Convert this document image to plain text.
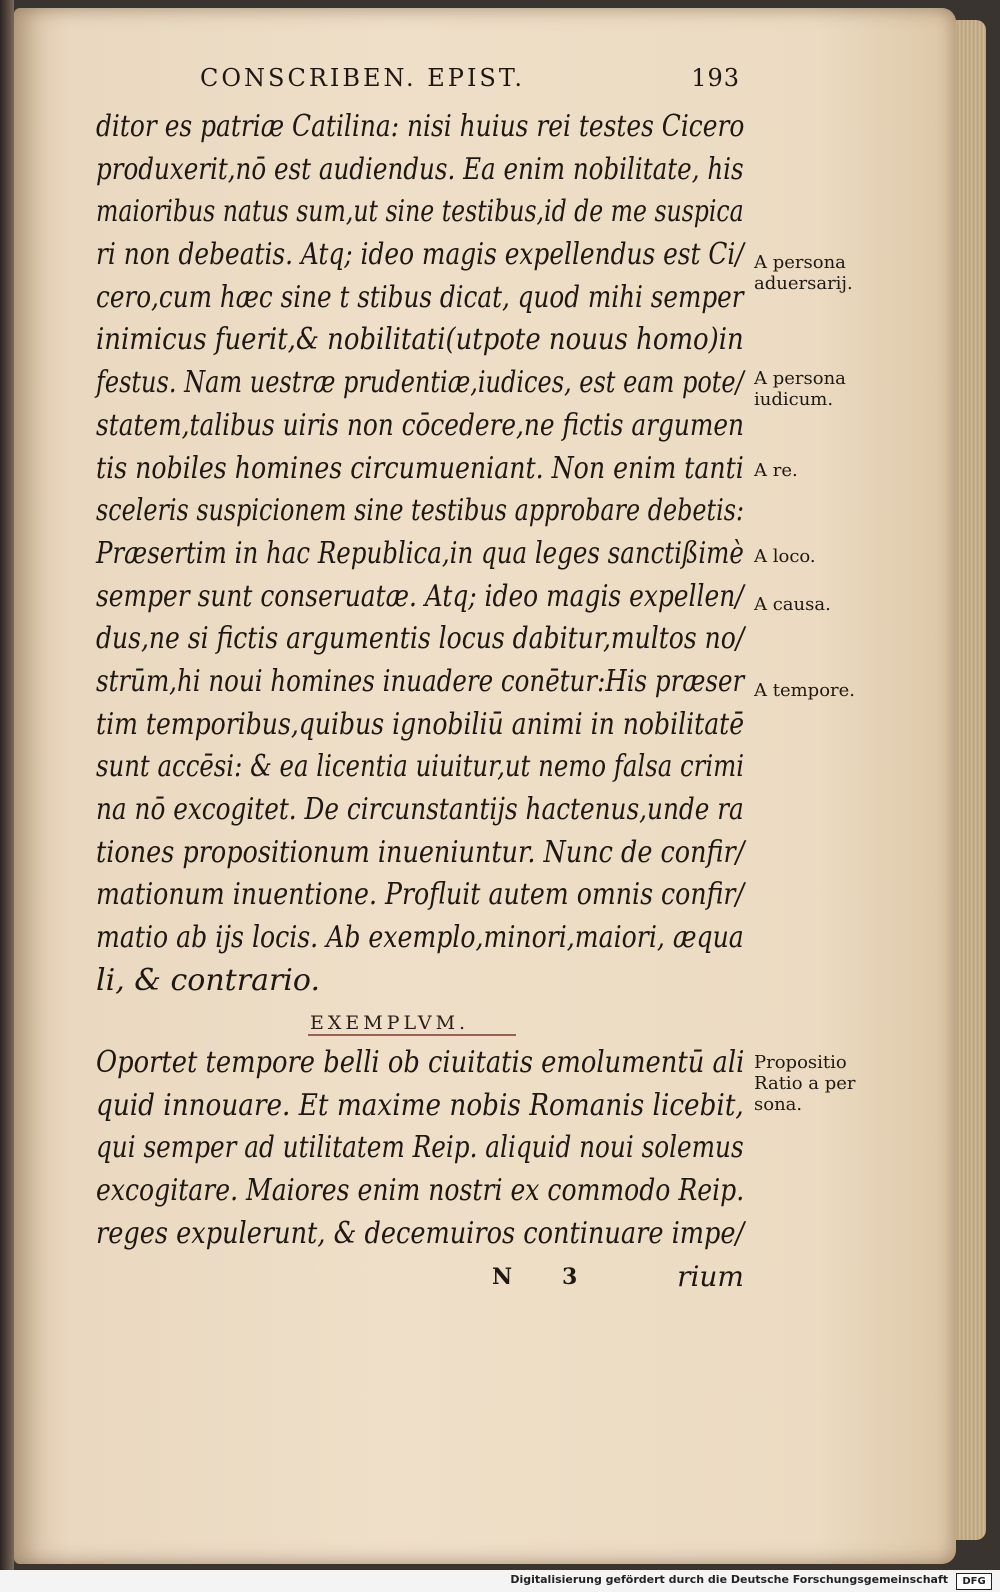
CONSCRIBEN. EPIST.	193
ditor es patriæ Catilina: nisi huius rei testes Cicero
produxerit,nō est audiendus. Ea enim nobilitate, his
maioribus natus sum,ut sine testibus,id de me suspica
ri non debeatis. Atq; ideo magis expellendus est Ci/
cero,cum hæc sine t stibus dicat, quod mihi semper
inimicus fuerit,& nobilitati(utpote nouus homo)in
festus. Nam uestræ prudentiæ,iudices, est eam pote/
statem,talibus uiris non cōcedere,ne fictis argumen
tis nobiles homines circumueniant. Non enim tanti
sceleris suspicionem sine testibus approbare debetis:
Præsertim in hac Republica,in qua leges sanctißimè
semper sunt conseruatæ. Atq; ideo magis expellen/
dus,ne si fictis argumentis locus dabitur,multos no/
strūm,hi noui homines inuadere conētur:His præser
tim temporibus,quibus ignobiliū animi in nobilitatē
sunt accēsi: & ea licentia uiuitur,ut nemo falsa crimi
na nō excogitet. De circunstantijs hactenus,unde ra
tiones propositionum inueniuntur. Nunc de confir/
mationum inuentione. Profluit autem omnis confir/
matio ab ijs locis. Ab exemplo,minori,maiori, æqua
li, & contrario.
EXEMPLVM.
Oportet tempore belli ob ciuitatis emolumentū ali
quid innouare. Et maxime nobis Romanis licebit,
qui semper ad utilitatem Reip. aliquid noui solemus
excogitare. Maiores enim nostri ex commodo Reip.
reges expulerunt, & decemuiros continuare impe/
N 3	rium
A persona
aduersarij.
A persona
iudicum.
A re.
A loco.
A causa.
A tempore.
Propositio
Ratio a per
sona.
Digitalisierung gefördert durch die Deutsche Forschungsgemeinschaft	DFG
